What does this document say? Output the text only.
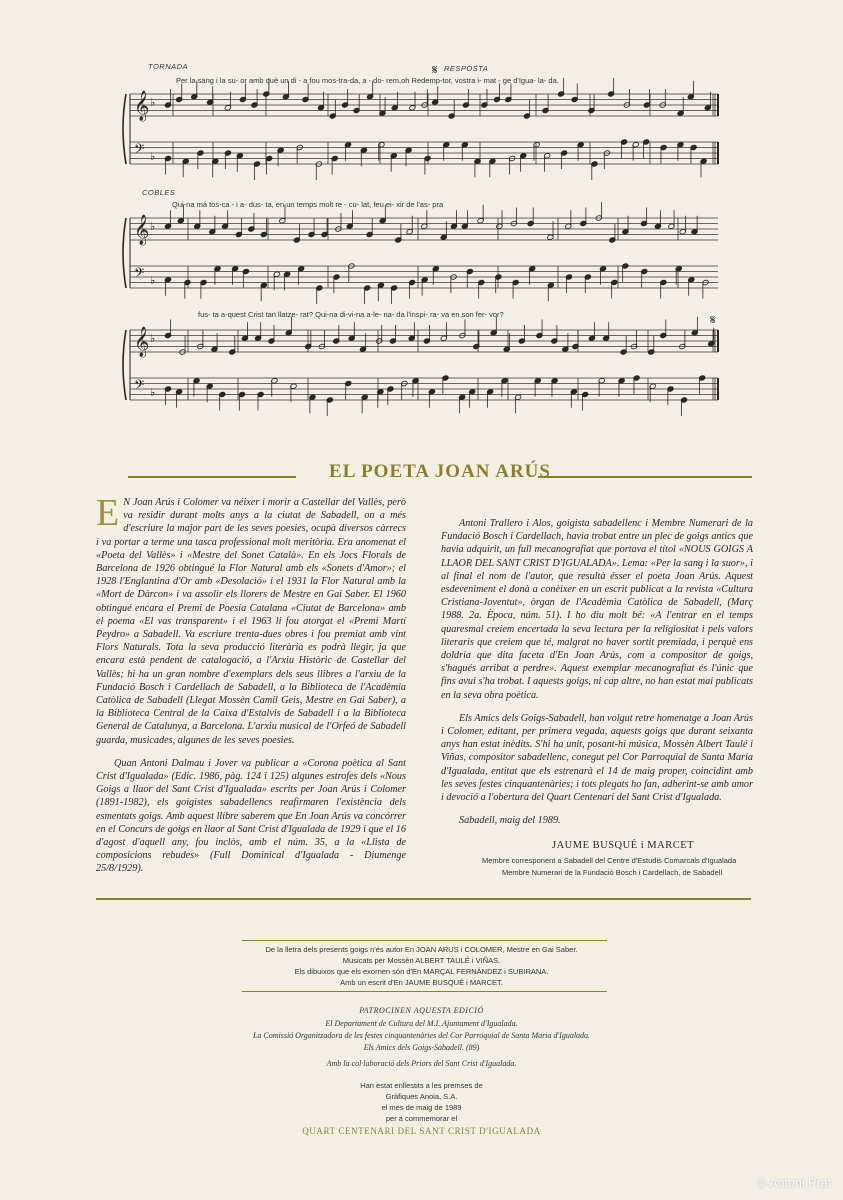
𝄞 ♭
𝄢 ♭
𝄞 ♭
𝄢 ♭
𝄞 ♭
𝄢 ♭
TORNADA	RESPOSTA
𝄋
Per la sang i la su- or amb què un di - a fou mos-tra-da, a - do- rem,oh Redemp-tor, vostra i- mat - ge d'Igua- la- da.
COBLES
Qui-na má tos-ca - i a- dus- ta, en un temps molt re - cu- lat, feu ei- xir de l'as- pra
fus- ta a-quest Crist tan llatze- rat? Qui-na di-vi-na a-le- na- da l'inspi- ra- va en son fer- vor?	𝄋
EL POETA JOAN ARÚS

E N Joan Arús i Colomer va néixer i morir a Castellar del Vallès, però va residir durant molts anys a la ciutat de Sabadell, on a més d'escriure la major part de les seves poesies, ocupà diversos càrrecs i va portar a terme una tasca professional molt meritòria. Era anomenat el «Poeta del Vallès» i «Mestre del Sonet Català». En els Jocs Florals de Barcelona de 1926 obtingué la Flor Natural amb els «Sonets d'Amor»; el 1928 l'Englantina d'Or amb «Desolació» i el 1931 la Flor Natural amb la «Mort de Dàrcon» i va assolir els llorers de Mestre en Gai Saber. El 1960 obtingué encara el Premi de Poesia Catalana «Ciutat de Barcelona» amb el poema «El vas transparent» i el 1963 li fou atorgat el «Premi Martí Peydro» a Sabadell. Va escriure trenta-dues obres i fou premiat amb vint Flors Naturals. Tota la seva producció literària es podrà llegir, ja que encara està pendent de catalogació, a l'Arxiu Històric de Castellar del Vallès; hi ha un gran nombre d'exemplars dels seus llibres a l'arxiu de la Fundació Bosch i Cardellach de Sabadell, a la Biblioteca de l'Acadèmia Catòlica de Sabadell (Llegat Mossèn Camil Geis, Mestre en Gai Saber), a la Biblioteca Central de la Caixa d'Estalvis de Sabadell i a la Biblioteca General de Catalunya, a Barcelona. L'arxiu musical de l'Orfeó de Sabadell guarda, musicades, algunes de les seves poesies.

Quan Antoni Dalmau i Jover va publicar a «Corona poètica al Sant Crist d'Igualada» (Edic. 1986, pàg. 124 i 125) algunes estrofes dels «Nous Goigs a llaor del Sant Crist d'Igualada» escrits per Joan Arús i Colomer (1891-1982), els goigistes sabadellencs reafirmaren l'existència dels esmentats goigs. Amb aquest llibre saberem que En Joan Arús va concórrer en el Concurs de goigs en llaor al Sant Crist d'Igualada de 1929 i que el 16 d'agost d'aquell any, fou inclòs, amb el núm. 35, a la «Llista de composicions rebudes» (Full Dominical d'Igualada - Diumenge 25/8/1929).

Antoni Trallero i Alos, goigista sabadellenc i Membre Numerari de la Fundació Bosch i Cardellach, havia trobat entre un plec de goigs antics que havia adquirit, un full mecanografiat que portava el títol «NOUS GOIGS A LLAOR DEL SANT CRIST D'IGUALADA». Lema: «Per la sang i la suor», i al final el nom de l'autor, que resultà ésser el poeta Joan Arús. Aquest esdeveniment el donà a conèixer en un escrit publicat a la revista «Cultura Cristiana-Joventut», òrgan de l'Acadèmia Catòlica de Sabadell, (Març 1988. 2a. Època, núm. 51). I ho diu molt bé: «A l'entrar en el temps quaresmal creiem encertada la seva lectura per la religiositat i pels valors literaris que creiem que té, malgrat no haver sortit premiada, i perquè ens doldria que dita faceta d'En Joan Arús, com a compositor de goigs, s'hagués arribat a perdre». Aquest exemplar mecanografiat és l'únic que fins avui s'ha trobat. I aquests goigs, ni cap altre, no han estat mai publicats en la seva obra poètica.

Els Amics dels Goigs-Sabadell, han volgut retre homenatge a Joan Arús i Colomer, editant, per primera vegada, aquests goigs que durant seixanta anys han estat inèdits. S'hi ha unit, posant-hi música, Mossèn Albert Taulé i Viñas, compositor sabadellenc, conegut pel Cor Parroquial de Santa Maria d'Igualada, entitat que els estrenarà el 14 de maig proper, coincidint amb les seves festes cinquantenàries; i tots plegats ho fan, adherint-se amb amor i devoció a l'obertura del Quart Centenari del Sant Crist d'Igualada.

Sabadell, maig del 1989.

JAUME BUSQUÉ i MARCET
Membre corresponent a Sabadell del Centre d'Estudis Comarcals d'Igualada
Membre Numerari de la Fundació Bosch i Cardellach, de Sabadell
De la lletra dels presents goigs n'és autor En JOAN ARUS i COLOMER, Mestre en Gai Saber.
Musicats per Mossèn ALBERT TAULÉ i VIÑAS.
Els dibuixos que els exornen són d'En MARÇAL FERNÁNDEZ i SUBIRANA.
Amb un escrit d'En JAUME BUSQUÉ i MARCET.
PATROCINEN AQUESTA EDICIÓ
El Departament de Cultura del M.I. Ajuntament d'Igualada.
La Comissió Organitzadora de les festes cinquantenàries del Cor Parroquial de Santa Maria d'Igualada.
Els Amics dels Goigs-Sabadell. (89)
Amb la col·laboració dels Priors del Sant Crist d'Igualada.
Han estat enllestits a les premses de
Gràfiques Anoia, S.A.
el mes de maig de 1989
per a commemorar el
QUART CENTENARI DEL SANT CRIST D'IGUALADA
© Antoni Prat
